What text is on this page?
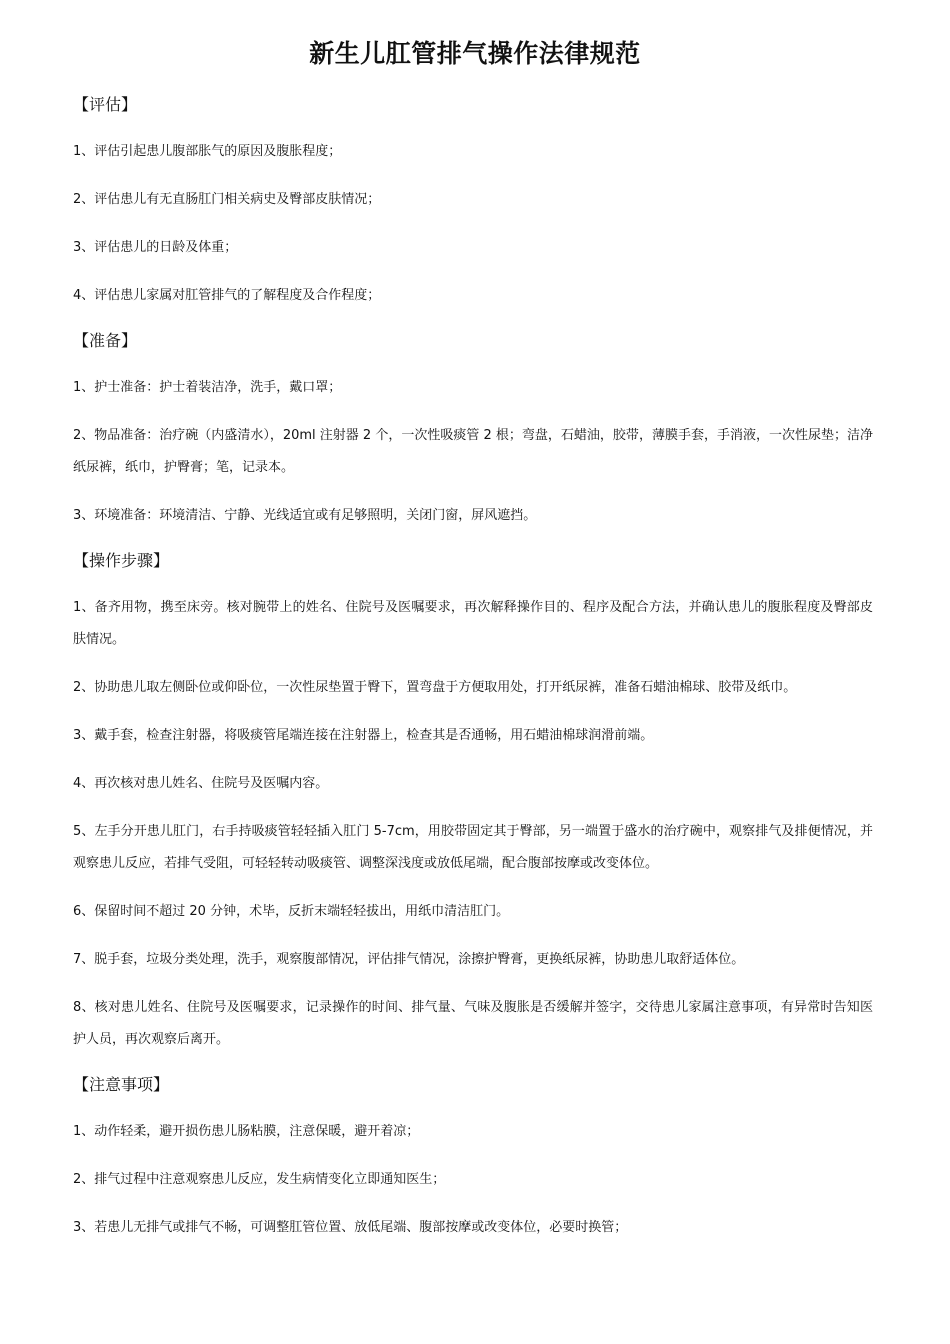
新生儿肛管排气操作法律规范
【评估】

1、评估引起患儿腹部胀气的原因及腹胀程度；

2、评估患儿有无直肠肛门相关病史及臀部皮肤情况；

3、评估患儿的日龄及体重；

4、评估患儿家属对肛管排气的了解程度及合作程度；

【准备】

1、护士准备：护士着装洁净，洗手，戴口罩；

2、物品准备：治疗碗（内盛清水），20ml 注射器 2 个，一次性吸痰管 2 根；弯盘，石蜡油，胶带，薄膜手套，手消液，一次性尿垫；洁净纸尿裤，纸巾，护臀膏；笔，记录本。

3、环境准备：环境清洁、宁静、光线适宜或有足够照明，关闭门窗，屏风遮挡。

【操作步骤】

1、备齐用物，携至床旁。核对腕带上的姓名、住院号及医嘱要求，再次解释操作目的、程序及配合方法，并确认患儿的腹胀程度及臀部皮肤情况。

2、协助患儿取左侧卧位或仰卧位，一次性尿垫置于臀下，置弯盘于方便取用处，打开纸尿裤，准备石蜡油棉球、胶带及纸巾。

3、戴手套，检查注射器，将吸痰管尾端连接在注射器上，检查其是否通畅，用石蜡油棉球润滑前端。

4、再次核对患儿姓名、住院号及医嘱内容。

5、左手分开患儿肛门，右手持吸痰管轻轻插入肛门 5-7cm，用胶带固定其于臀部，另一端置于盛水的治疗碗中，观察排气及排便情况，并观察患儿反应，若排气受阻，可轻轻转动吸痰管、调整深浅度或放低尾端，配合腹部按摩或改变体位。

6、保留时间不超过 20 分钟，术毕，反折末端轻轻拔出，用纸巾清洁肛门。

7、脱手套，垃圾分类处理，洗手，观察腹部情况，评估排气情况，涂擦护臀膏，更换纸尿裤，协助患儿取舒适体位。

8、核对患儿姓名、住院号及医嘱要求，记录操作的时间、排气量、气味及腹胀是否缓解并签字，交待患儿家属注意事项，有异常时告知医护人员，再次观察后离开。

【注意事项】

1、动作轻柔，避开损伤患儿肠粘膜，注意保暖，避开着凉；

2、排气过程中注意观察患儿反应，发生病情变化立即通知医生；

3、若患儿无排气或排气不畅，可调整肛管位置、放低尾端、腹部按摩或改变体位，必要时换管；
